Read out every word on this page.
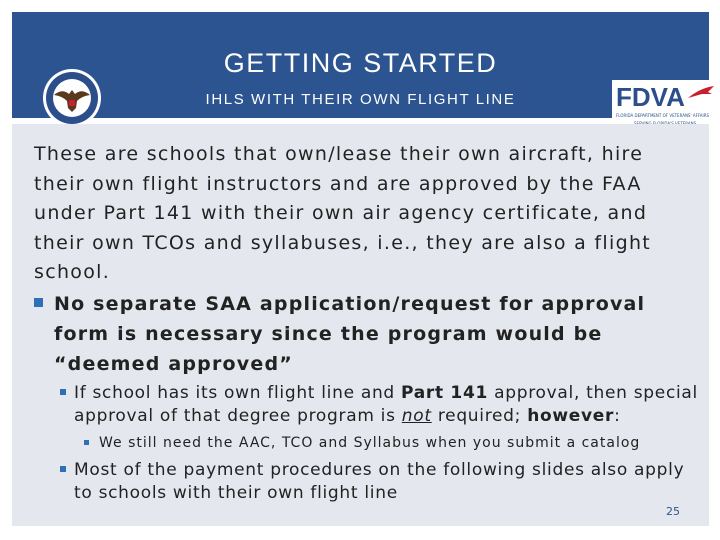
GETTING STARTED
IHLS WITH THEIR OWN FLIGHT LINE	FDVA
FLORIDA DEPARTMENT OF VETERANS' AFFAIRS
These are schools that own/lease their own aircraft, hire their own flight instructors and are approved by the FAA under Part 141 with their own air agency certificate, and their own TCOs and syllabuses, i.e., they are also a flight school.
No separate SAA application/request for approval form is necessary since the program would be “deemed approved”
If school has its own flight line and Part 141 approval, then special approval of that degree program is not required; however:
We still need the AAC, TCO and Syllabus when you submit a catalog
Most of the payment procedures on the following slides also apply to schools with their own flight line
25
